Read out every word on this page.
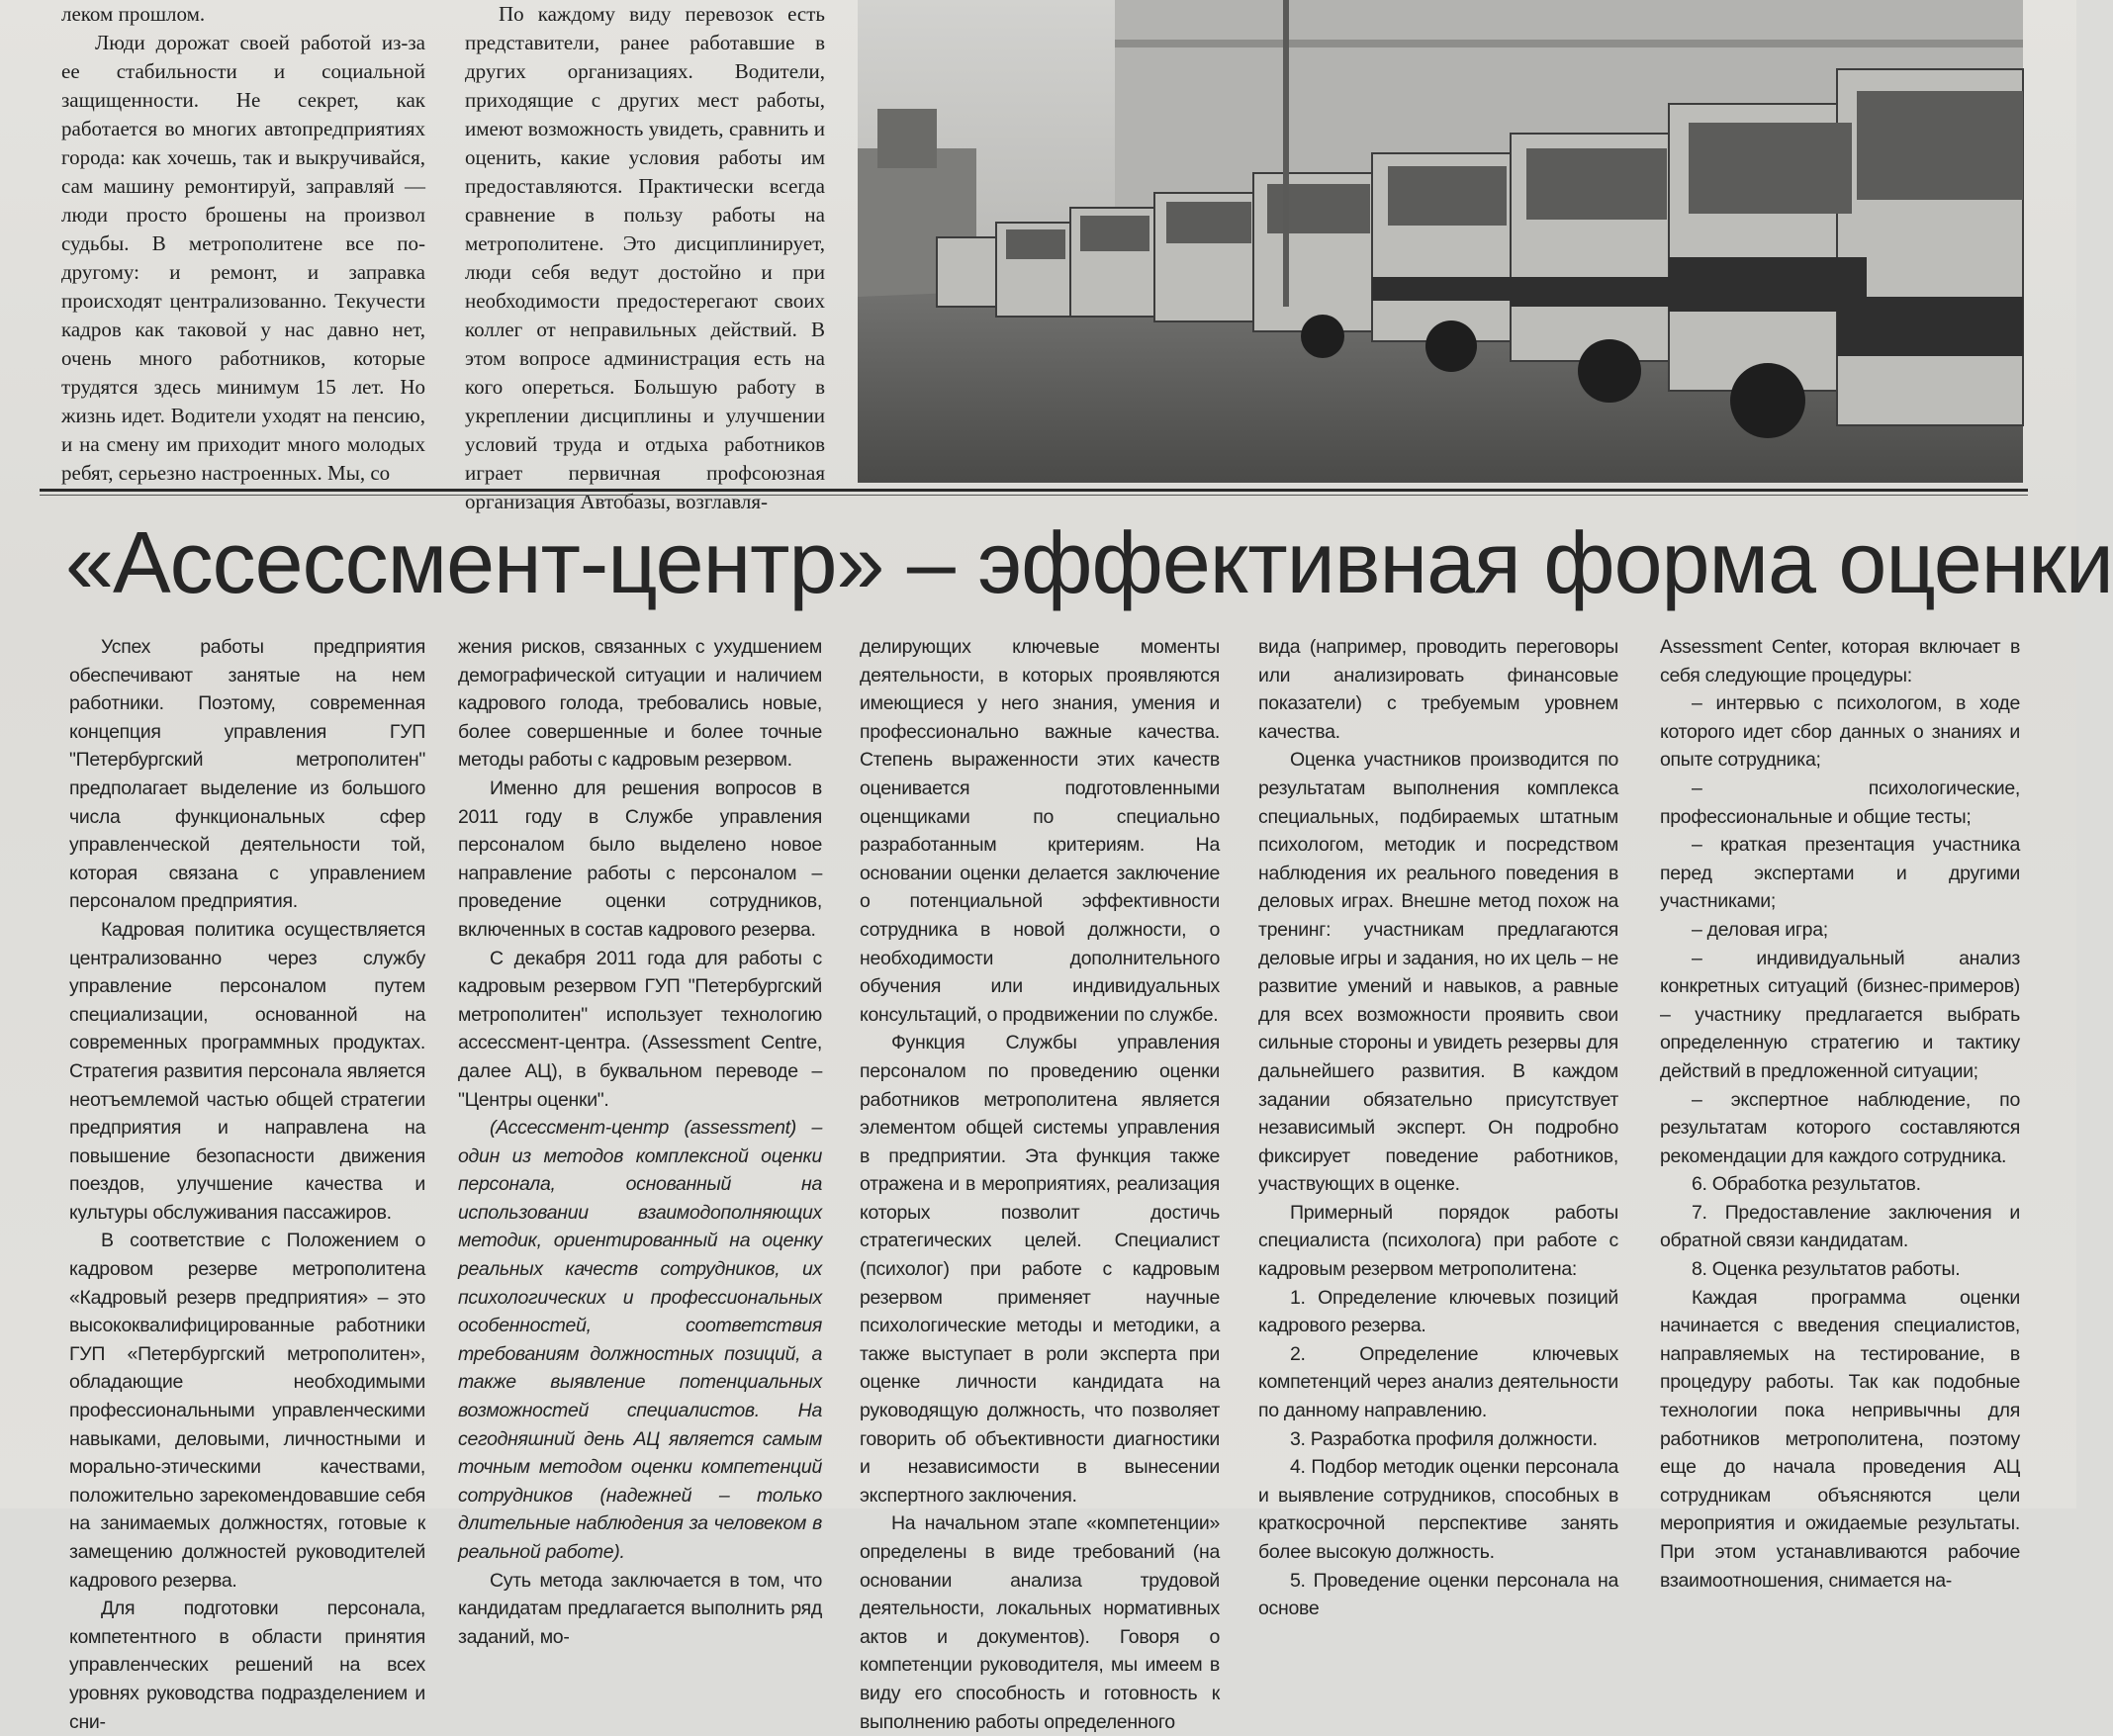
леком прошлом.

Люди дорожат своей работой из-за ее стабильности и социальной защищенности. Не секрет, как работается во многих автопредприятиях города: как хочешь, так и выкручивайся, сам машину ремонтируй, заправляй — люди просто брошены на произвол судьбы. В метрополитене все по-другому: и ремонт, и заправка происходят централизованно. Текучести кадров как таковой у нас давно нет, очень много работников, которые трудятся здесь минимум 15 лет. Но жизнь идет. Водители уходят на пенсию, и на смену им приходит много молодых ребят, серьезно настроенных. Мы, со

По каждому виду перевозок есть представители, ранее работавшие в других организациях. Водители, приходящие с других мест работы, имеют возможность увидеть, сравнить и оценить, какие условия работы им предоставляются. Практически всегда сравнение в пользу работы на метрополитене. Это дисциплинирует, люди себя ведут достойно и при необходимости предостерегают своих коллег от неправильных действий. В этом вопросе администрация есть на кого опереться. Большую работу в укреплении дисциплины и улучшении условий труда и отдыха работников играет первичная профсоюзная организация Автобазы, возглавля-

«Ассессмент-центр» – эффективная форма оценки

Успех работы предприятия обеспечивают занятые на нем работники. Поэтому, современная концепция управления ГУП "Петербургский метрополитен" предполагает выделение из большого числа функциональных сфер управленческой деятельности той, которая связана с управлением персоналом предприятия.

Кадровая политика осуществляется централизованно через службу управление персоналом путем специализации, основанной на современных программных продуктах. Стратегия развития персонала является неотъемлемой частью общей стратегии предприятия и направлена на повышение безопасности движения поездов, улучшение качества и культуры обслуживания пассажиров.

В соответствие с Положением о кадровом резерве метрополитена «Кадровый резерв предприятия» – это высококвалифицированные работники ГУП «Петербургский метрополитен», обладающие необходимыми профессиональными управленческими навыками, деловыми, личностными и морально-этическими качествами, положительно зарекомендовавшие себя на занимаемых должностях, готовые к замещению должностей руководителей кадрового резерва.

Для подготовки персонала, компетентного в области принятия управленческих решений на всех уровнях руководства подразделением и сни-

жения рисков, связанных с ухудшением демографической ситуации и наличием кадрового голода, требовались новые, более совершенные и более точные методы работы с кадровым резервом.

Именно для решения вопросов в 2011 году в Службе управления персоналом было выделено новое направление работы с персоналом – проведение оценки сотрудников, включенных в состав кадрового резерва.

С декабря 2011 года для работы с кадровым резервом ГУП "Петербургский метрополитен" использует технологию ассессмент-центра. (Assessment Centre, далее АЦ), в буквальном переводе – "Центры оценки".

(Ассессмент-центр (assessment) – один из методов комплексной оценки персонала, основанный на использовании взаимодополняющих методик, ориентированный на оценку реальных качеств сотрудников, их психологических и профессиональных особенностей, соответствия требованиям должностных позиций, а также выявление потенциальных возможностей специалистов. На сегодняшний день АЦ является самым точным методом оценки компетенций сотрудников (надежней – только длительные наблюдения за человеком в реальной работе).

Суть метода заключается в том, что кандидатам предлагается выполнить ряд заданий, мо-

делирующих ключевые моменты деятельности, в которых проявляются имеющиеся у него знания, умения и профессионально важные качества. Степень выраженности этих качеств оценивается подготовленными оценщиками по специально разработанным критериям. На основании оценки делается заключение о потенциальной эффективности сотрудника в новой должности, о необходимости дополнительного обучения или индивидуальных консультаций, о продвижении по службе.

Функция Службы управления персоналом по проведению оценки работников метрополитена является элементом общей системы управления в предприятии. Эта функция также отражена и в мероприятиях, реализация которых позволит достичь стратегических целей. Специалист (психолог) при работе с кадровым резервом применяет научные психологические методы и методики, а также выступает в роли эксперта при оценке личности кандидата на руководящую должность, что позволяет говорить об объективности диагностики и независимости в вынесении экспертного заключения.

На начальном этапе «компетенции» определены в виде требований (на основании анализа трудовой деятельности, локальных нормативных актов и документов). Говоря о компетенции руководителя, мы имеем в виду его способность и готовность к выполнению работы определенного

вида (например, проводить переговоры или анализировать финансовые показатели) с требуемым уровнем качества.

Оценка участников производится по результатам выполнения комплекса специальных, подбираемых штатным психологом, методик и посредством наблюдения их реального поведения в деловых играх. Внешне метод похож на тренинг: участникам предлагаются деловые игры и задания, но их цель – не развитие умений и навыков, а равные для всех возможности проявить свои сильные стороны и увидеть резервы для дальнейшего развития. В каждом задании обязательно присутствует независимый эксперт. Он подробно фиксирует поведение работников, участвующих в оценке.

Примерный порядок работы специалиста (психолога) при работе с кадровым резервом метрополитена:

1. Определение ключевых позиций кадрового резерва.

2. Определение ключевых компетенций через анализ деятельности по данному направлению.

3. Разработка профиля должности.

4. Подбор методик оценки персонала и выявление сотрудников, способных в краткосрочной перспективе занять более высокую должность.

5. Проведение оценки персонала на основе

Assessment Center, которая включает в себя следующие процедуры:

– интервью с психологом, в ходе которого идет сбор данных о знаниях и опыте сотрудника;

– психологические, профессиональные и общие тесты;

– краткая презентация участника перед экспертами и другими участниками;

– деловая игра;

– индивидуальный анализ конкретных ситуаций (бизнес-примеров) – участнику предлагается выбрать определенную стратегию и тактику действий в предложенной ситуации;

– экспертное наблюдение, по результатам которого составляются рекомендации для каждого сотрудника.

6. Обработка результатов.

7. Предоставление заключения и обратной связи кандидатам.

8. Оценка результатов работы.

Каждая программа оценки начинается с введения специалистов, направляемых на тестирование, в процедуру работы. Так как подобные технологии пока непривычны для работников метрополитена, поэтому еще до начала проведения АЦ сотрудникам объясняются цели мероприятия и ожидаемые результаты. При этом устанавливаются рабочие взаимоотношения, снимается на-
